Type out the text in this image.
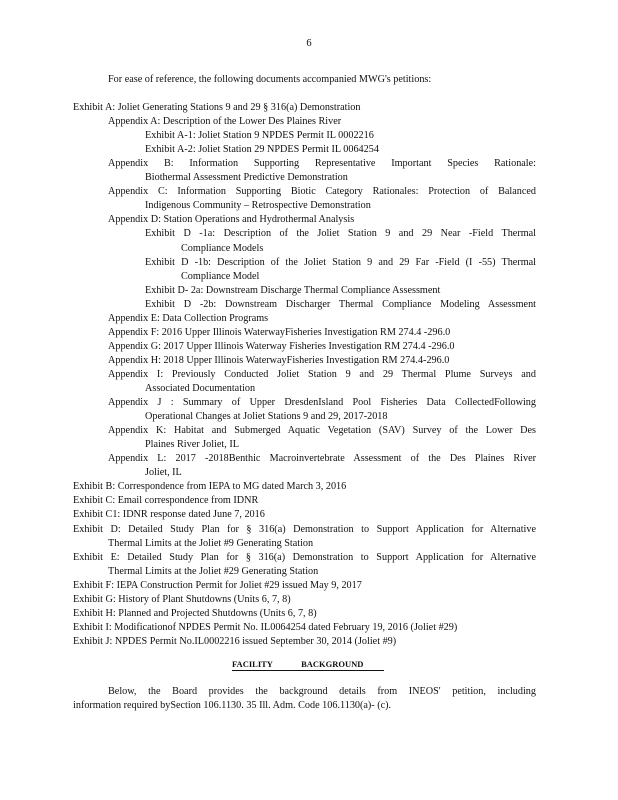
6
For ease of reference, the following documents accompanied MWG's petitions:
Exhibit A: Joliet Generating Stations 9 and 29 § 316(a) Demonstration
Appendix A: Description of the Lower Des Plaines River
Exhibit A-1: Joliet Station 9 NPDES Permit IL 0002216
Exhibit A-2: Joliet Station 29 NPDES Permit IL 0064254
Appendix B: Information Supporting Representative Important Species Rationale:
Biothermal Assessment Predictive Demonstration
Appendix C: Information Supporting Biotic Category Rationales: Protection of Balanced
Indigenous Community – Retrospective Demonstration
Appendix D: Station Operations and Hydrothermal Analysis
Exhibit D -1a: Description of the Joliet Station 9 and 29 Near -Field Thermal
Compliance Models
Exhibit D -1b: Description of the Joliet Station 9 and 29 Far -Field (I -55) Thermal
Compliance Model
Exhibit D- 2a: Downstream Discharge Thermal Compliance Assessment
Exhibit D -2b: Downstream Discharger Thermal Compliance Modeling Assessment
Appendix E: Data Collection Programs
Appendix F: 2016 Upper Illinois WaterwayFisheries Investigation RM 274.4 -296.0
Appendix G: 2017 Upper Illinois Waterway Fisheries Investigation RM 274.4 -296.0
Appendix H: 2018 Upper Illinois WaterwayFisheries Investigation RM 274.4-296.0
Appendix I: Previously Conducted Joliet Station 9 and 29 Thermal Plume Surveys and
Associated Documentation
Appendix J : Summary of Upper DresdenIsland Pool Fisheries Data CollectedFollowing
Operational Changes at Joliet Stations 9 and 29, 2017-2018
Appendix K: Habitat and Submerged Aquatic Vegetation (SAV) Survey of the Lower Des
Plaines River Joliet, IL
Appendix L: 2017 -2018Benthic Macroinvertebrate Assessment of the Des Plaines River
Joliet, IL
Exhibit B: Correspondence from IEPA to MG dated March 3, 2016
Exhibit C: Email correspondence from IDNR
Exhibit C1: IDNR response dated June 7, 2016
Exhibit D: Detailed Study Plan for § 316(a) Demonstration to Support Application for Alternative
Thermal Limits at the Joliet #9 Generating Station
Exhibit E: Detailed Study Plan for § 316(a) Demonstration to Support Application for Alternative
Thermal Limits at the Joliet #29 Generating Station
Exhibit F: IEPA Construction Permit for Joliet #29 issued May 9, 2017
Exhibit G: History of Plant Shutdowns (Units 6, 7, 8)
Exhibit H: Planned and Projected Shutdowns (Units 6, 7, 8)
Exhibit I: Modificationof NPDES Permit No. IL0064254 dated February 19, 2016 (Joliet #29)
Exhibit J: NPDES Permit No.IL0002216 issued September 30, 2014 (Joliet #9)
FACILITY	BACKGROUND
Below, the Board provides the background details from INEOS' petition, including
information required bySection 106.1130. 35 Ill. Adm. Code 106.1130(a)- (c).
